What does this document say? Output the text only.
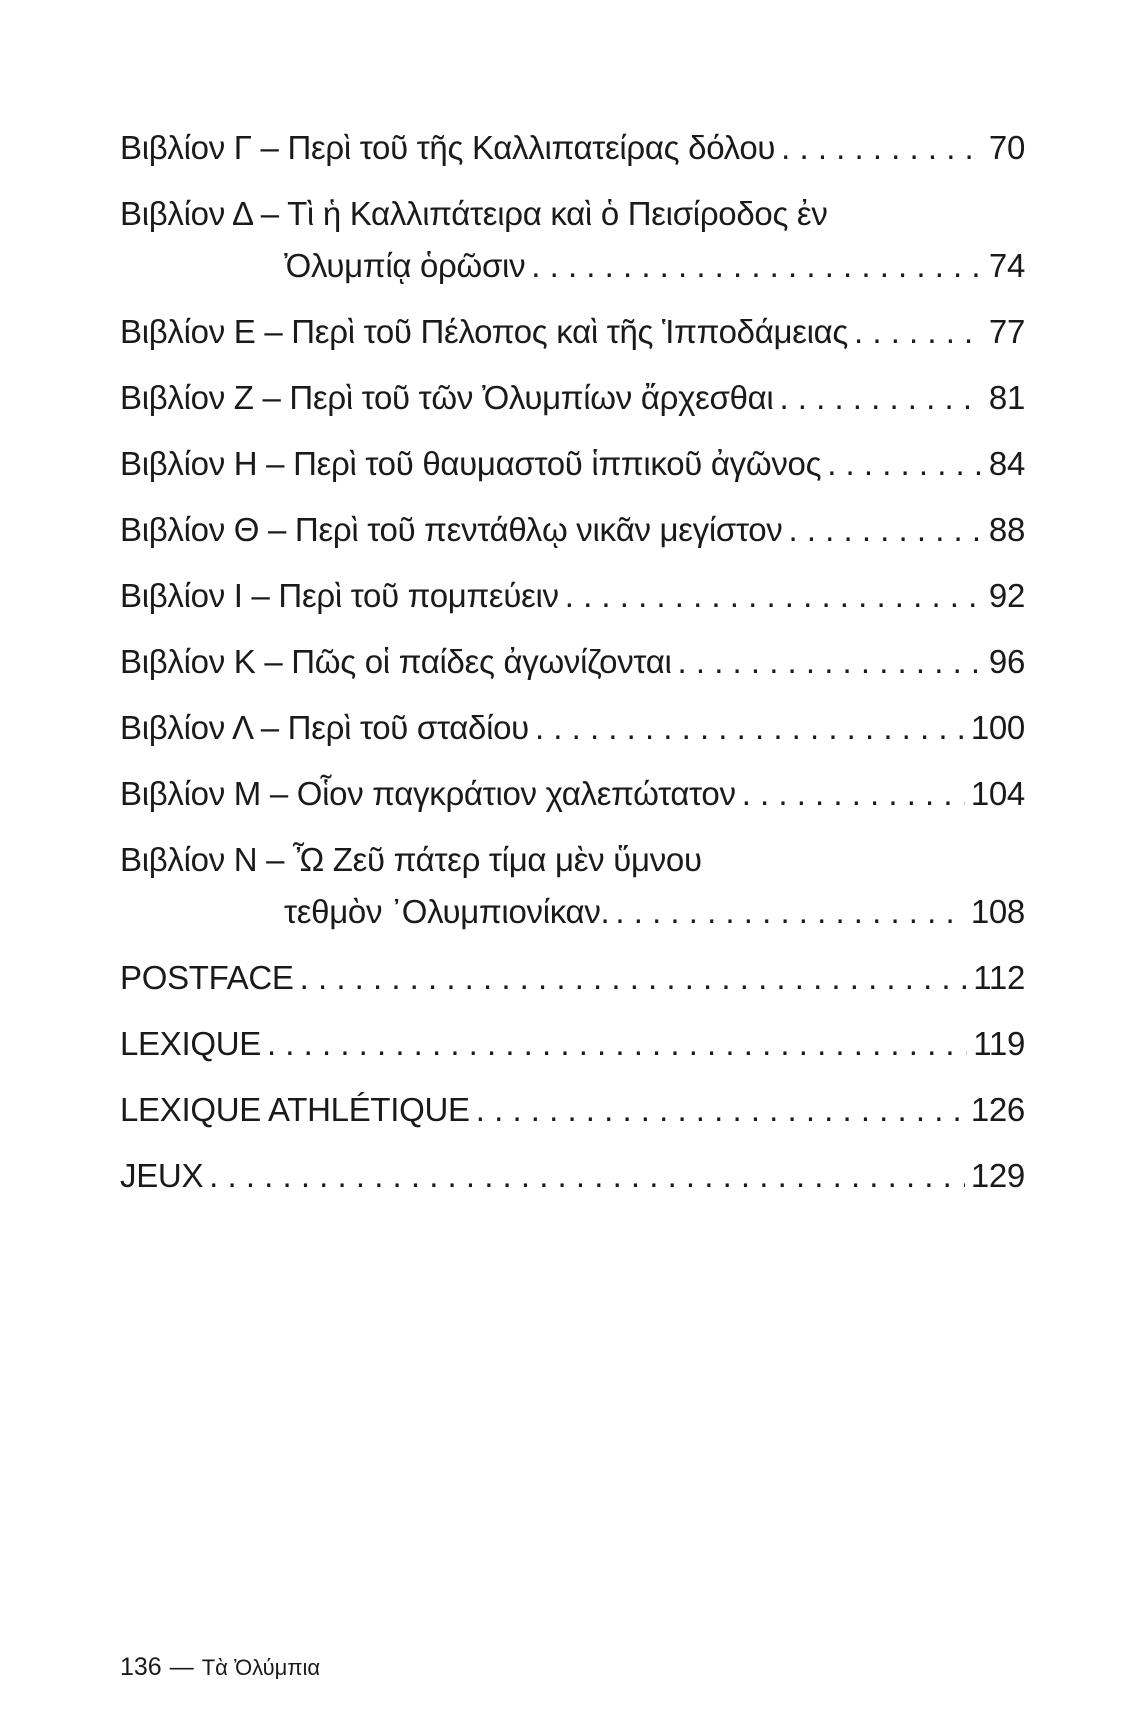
Βιβλίον Γ – Περὶ τοῦ τῆς Καλλιπατείρας δόλου . . .	70
Βιβλίον Δ – Τὶ ἡ Καλλιπάτειρα καὶ ὁ Πεισίροδος ἐν
Ὀλυμπίᾳ ὁρῶσιν . . .	74
Βιβλίον Ε – Περὶ τοῦ Πέλοπος καὶ τῆς Ἱπποδάμειας . . .	77
Βιβλίον Ζ – Περὶ τοῦ τῶν Ὀλυμπίων ἄρχεσθαι . . .	81
Βιβλίον Η – Περὶ τοῦ θαυμαστοῦ ἱππικοῦ ἀγῶνος . . .	84
Βιβλίον Θ – Περὶ τοῦ πεντάθλῳ νικᾶν μεγίστον . . .	88
Βιβλίον Ι – Περὶ τοῦ πομπεύειν . . .	92
Βιβλίον Κ – Πῶς οἱ παίδες ἀγωνίζονται . . .	96
Βιβλίον Λ – Περὶ τοῦ σταδίου . . .	100
Βιβλίον Μ – Οἷον παγκράτιον χαλεπώτατον . . .	104
Βιβλίον Ν – Ὦ Ζεῦ πάτερ τίμα μὲν ὕμνου
τεθμὸν ᾿Ολυμπιονίκαν. . . .	108
POSTFACE . . .	112
LEXIQUE . . .	119
LEXIQUE ATHLÉTIQUE . . .	126
JEUX . . .	129
136 — Τὰ Ὀλύμπια
